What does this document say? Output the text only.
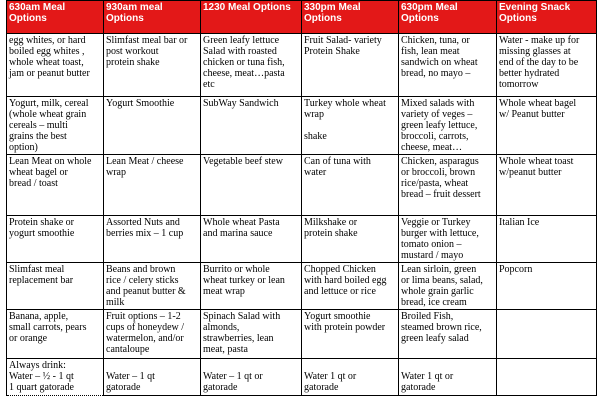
630am Meal Options	930am meal Options	1230 Meal Options	330pm Meal Options	630pm Meal Options	Evening Snack Options

egg whites, or hard
boiled egg whites ,
whole wheat toast,
jam or peanut butter	Slimfast meal bar or
post workout
protein shake	Green leafy lettuce
Salad with roasted
chicken or tuna fish,
cheese, meat…pasta
etc	Fruit Salad- variety
Protein Shake	Chicken, tuna, or
fish, lean meat
sandwich on wheat
bread, no mayo –	Water - make up for
missing glasses at
end of the day to be
better hydrated
tomorrow

Yogurt, milk, cereal
(whole wheat grain
cereals – multi
grains the best
option)	Yogurt Smoothie	SubWay Sandwich	Turkey whole wheat
wrap
shake	Mixed salads with
variety of veges –
green leafy lettuce,
broccoli, carrots,
cheese, meat…	Whole wheat bagel
w/ Peanut butter

Lean Meat on whole
wheat bagel or
bread / toast	Lean Meat / cheese
wrap	Vegetable beef stew	Can of tuna with
water	Chicken, asparagus
or broccoli, brown
rice/pasta, wheat
bread – fruit dessert	Whole wheat toast
w/peanut butter

Protein shake or
yogurt smoothie	Assorted Nuts and
berries mix – 1 cup	Whole wheat Pasta
and marina sauce	Milkshake or
protein shake	Veggie or Turkey
burger with lettuce,
tomato onion –
mustard / mayo	Italian Ice

Slimfast meal
replacement bar	Beans and brown
rice / celery sticks
and peanut butter &
milk	Burrito or whole
wheat turkey or lean
meat wrap	Chopped Chicken
with hard boiled egg
and lettuce or rice	Lean sirloin, green
or lima beans, salad,
whole grain garlic
bread, ice cream	Popcorn

Banana, apple,
small carrots, pears
or orange	Fruit options – 1-2
cups of honeydew /
watermelon, and/or
cantaloupe	Spinach Salad with
almonds,
strawberries, lean
meat, pasta	Yogurt smoothie
with protein powder	Broiled Fish,
steamed brown rice,
green leafy salad	

Always drink:
Water – ½ - 1 qt
1 quart gatorade	Water – 1 qt
gatorade	Water – 1 qt or
gatorade	Water 1 qt or
gatorade	Water 1 qt or
gatorade	
